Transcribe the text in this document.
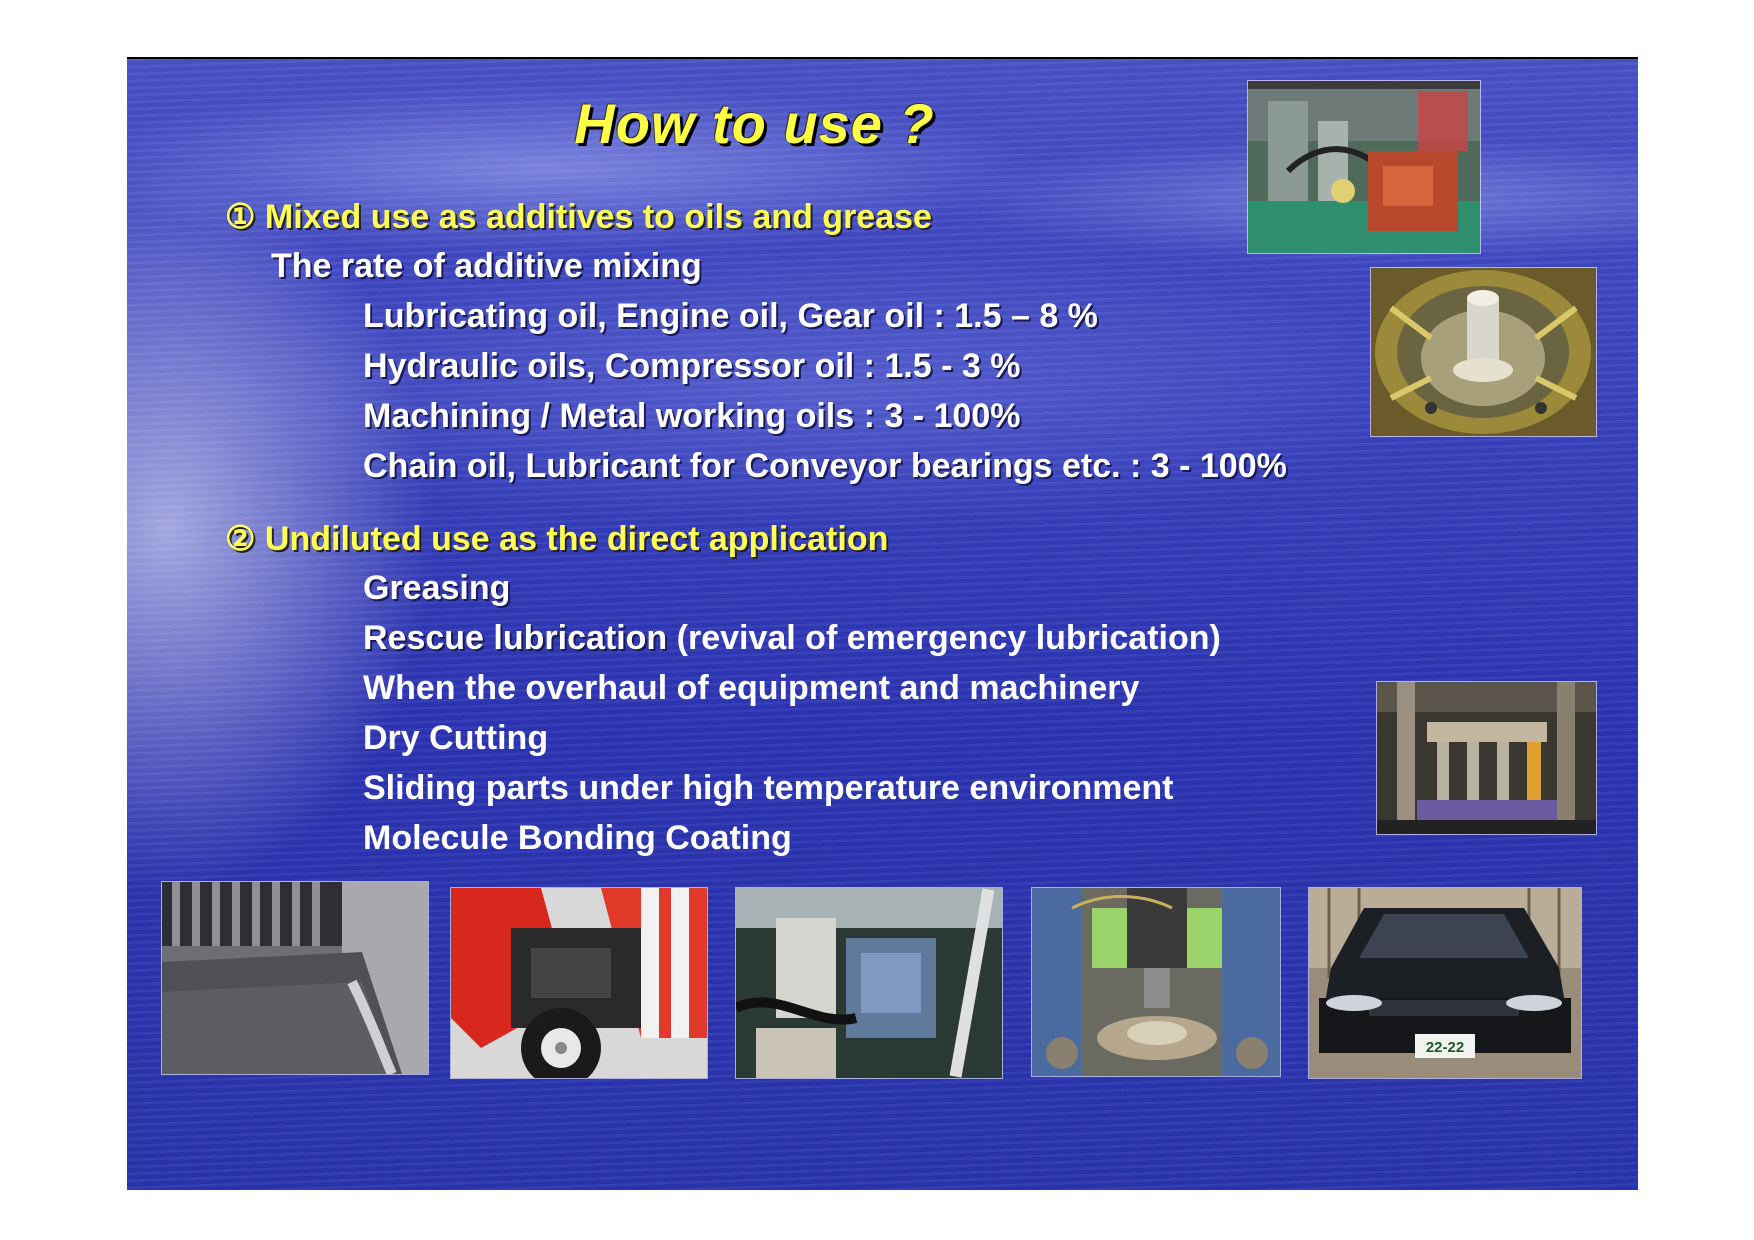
How to use ?
① Mixed use as additives to oils and grease
The rate of additive mixing
Lubricating oil, Engine oil, Gear oil : 1.5 – 8 %
Hydraulic oils, Compressor oil : 1.5 - 3 %
Machining / Metal working oils : 3 - 100%
Chain oil, Lubricant for Conveyor bearings etc. : 3 - 100%
② Undiluted use as the direct application
Greasing
Rescue lubrication (revival of emergency lubrication)
When the overhaul of equipment and machinery
Dry Cutting
Sliding parts under high temperature environment
Molecule Bonding Coating
22-22
